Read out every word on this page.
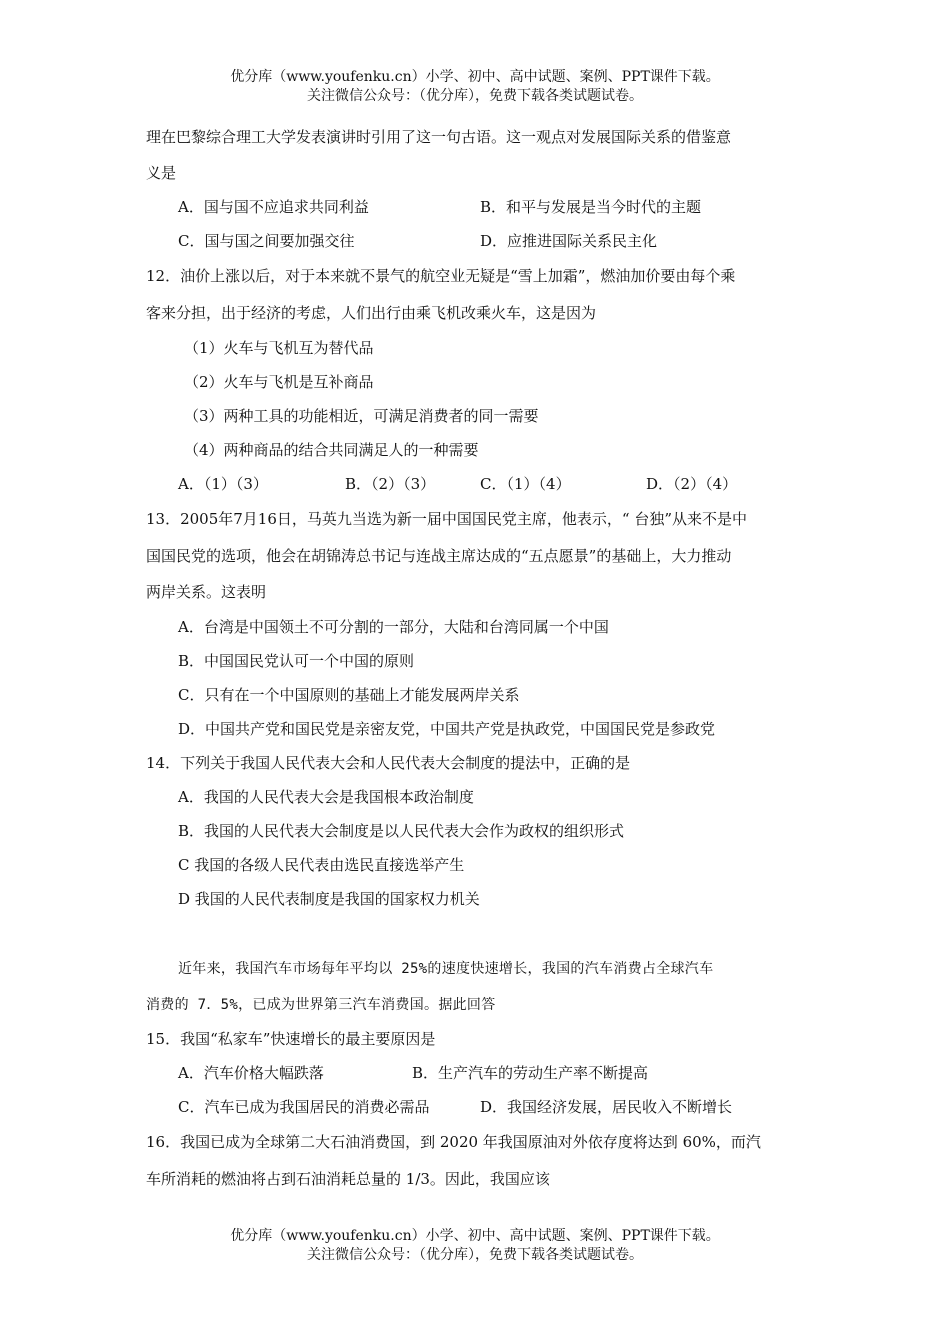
优分库（www.youfenku.cn）小学、初中、高中试题、案例、PPT课件下载。
关注微信公众号：（优分库），免费下载各类试题试卷。
理在巴黎综合理工大学发表演讲时引用了这一句古语。这一观点对发展国际关系的借鉴意
义是
A．国与国不应追求共同利益	B．和平与发展是当今时代的主题
C．国与国之间要加强交往	D．应推进国际关系民主化
12．油价上涨以后，对于本来就不景气的航空业无疑是“雪上加霜”，燃油加价要由每个乘
客来分担，出于经济的考虑，人们出行由乘飞机改乘火车，这是因为
（1）火车与飞机互为替代品
（2）火车与飞机是互补商品
（3）两种工具的功能相近，可满足消费者的同一需要
（4）两种商品的结合共同满足人的一种需要
A．（1）（3）	B．（2）（3）	C．（1）（4）	D．（2）（4）
13．2005年7月16日，马英九当选为新一届中国国民党主席，他表示，“ 台独”从来不是中
国国民党的选项，他会在胡锦涛总书记与连战主席达成的“五点愿景”的基础上，大力推动
两岸关系。这表明
A．台湾是中国领土不可分割的一部分，大陆和台湾同属一个中国
B．中国国民党认可一个中国的原则
C．只有在一个中国原则的基础上才能发展两岸关系
D．中国共产党和国民党是亲密友党，中国共产党是执政党，中国国民党是参政党
14．下列关于我国人民代表大会和人民代表大会制度的提法中，正确的是
A．我国的人民代表大会是我国根本政治制度
B．我国的人民代表大会制度是以人民代表大会作为政权的组织形式
C 我国的各级人民代表由选民直接选举产生
D 我国的人民代表制度是我国的国家权力机关
近年来，我国汽车市场每年平均以 25%的速度快速增长，我国的汽车消费占全球汽车
消费的 7．5%，已成为世界第三汽车消费国。据此回答
15．我国“私家车”快速增长的最主要原因是
A．汽车价格大幅跌落	B．生产汽车的劳动生产率不断提高
C．汽车已成为我国居民的消费必需品	D．我国经济发展，居民收入不断增长
16．我国已成为全球第二大石油消费国，到 2020 年我国原油对外依存度将达到 60%，而汽
车所消耗的燃油将占到石油消耗总量的 1/3。因此，我国应该
优分库（www.youfenku.cn）小学、初中、高中试题、案例、PPT课件下载。
关注微信公众号：（优分库），免费下载各类试题试卷。
